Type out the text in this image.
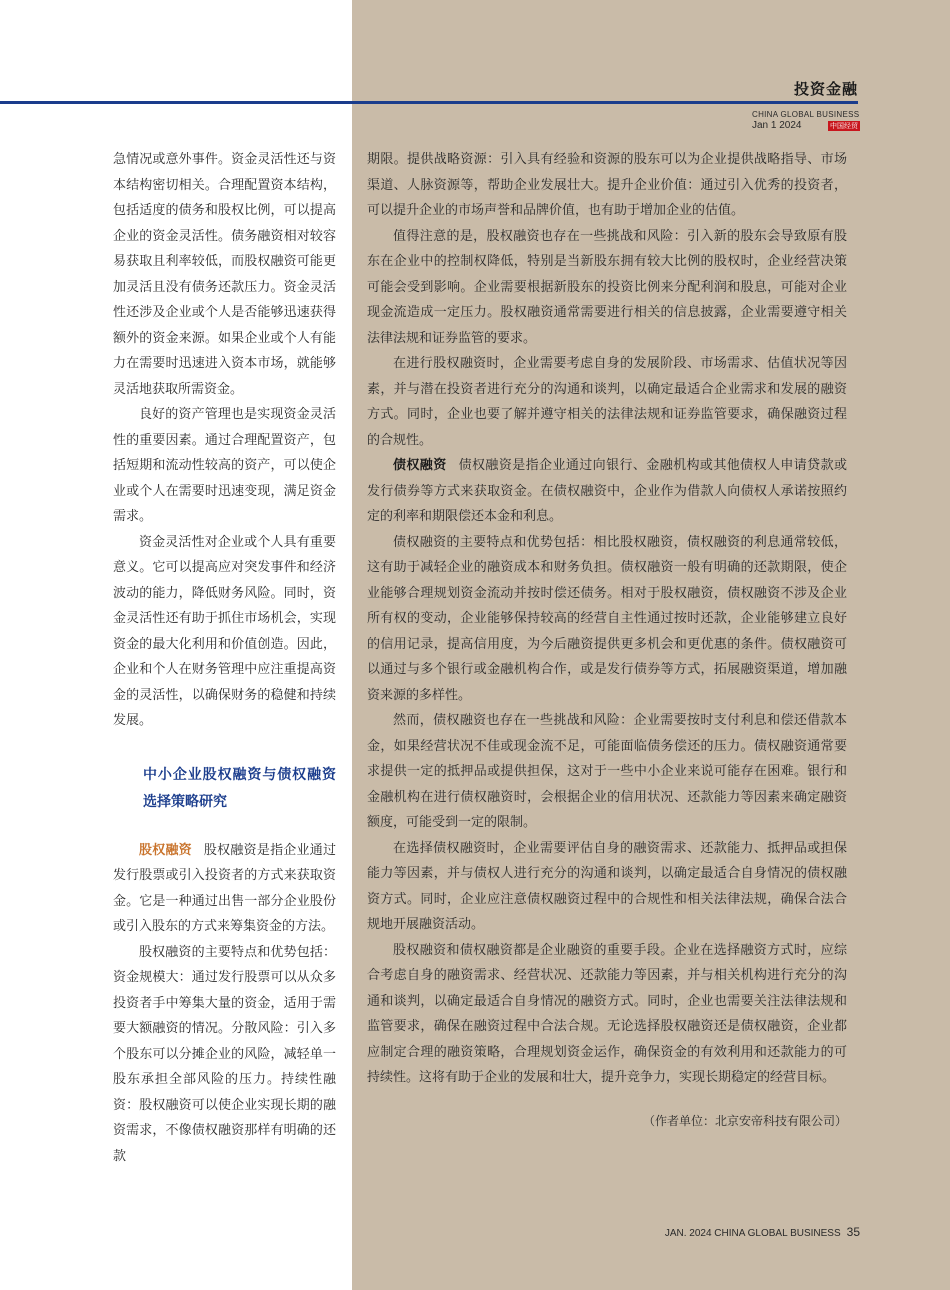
投资金融
CHINA GLOBAL BUSINESS
Jan 1 2024	中国经贸

急情况或意外事件。资金灵活性还与资本结构密切相关。合理配置资本结构，包括适度的债务和股权比例，可以提高企业的资金灵活性。债务融资相对较容易获取且利率较低，而股权融资可能更加灵活且没有债务还款压力。资金灵活性还涉及企业或个人是否能够迅速获得额外的资金来源。如果企业或个人有能力在需要时迅速进入资本市场，就能够灵活地获取所需资金。

良好的资产管理也是实现资金灵活性的重要因素。通过合理配置资产，包括短期和流动性较高的资产，可以使企业或个人在需要时迅速变现，满足资金需求。

资金灵活性对企业或个人具有重要意义。它可以提高应对突发事件和经济波动的能力，降低财务风险。同时，资金灵活性还有助于抓住市场机会，实现资金的最大化利用和价值创造。因此，企业和个人在财务管理中应注重提高资金的灵活性，以确保财务的稳健和持续发展。

中小企业股权融资与债权融资选择策略研究

股权融资 股权融资是指企业通过发行股票或引入投资者的方式来获取资金。它是一种通过出售一部分企业股份或引入股东的方式来筹集资金的方法。

股权融资的主要特点和优势包括：资金规模大：通过发行股票可以从众多投资者手中筹集大量的资金，适用于需要大额融资的情况。分散风险：引入多个股东可以分摊企业的风险，减轻单一股东承担全部风险的压力。持续性融资：股权融资可以使企业实现长期的融资需求，不像债权融资那样有明确的还款

期限。提供战略资源：引入具有经验和资源的股东可以为企业提供战略指导、市场渠道、人脉资源等，帮助企业发展壮大。提升企业价值：通过引入优秀的投资者，可以提升企业的市场声誉和品牌价值，也有助于增加企业的估值。

值得注意的是，股权融资也存在一些挑战和风险：引入新的股东会导致原有股东在企业中的控制权降低，特别是当新股东拥有较大比例的股权时，企业经营决策可能会受到影响。企业需要根据新股东的投资比例来分配利润和股息，可能对企业现金流造成一定压力。股权融资通常需要进行相关的信息披露，企业需要遵守相关法律法规和证券监管的要求。

在进行股权融资时，企业需要考虑自身的发展阶段、市场需求、估值状况等因素，并与潜在投资者进行充分的沟通和谈判，以确定最适合企业需求和发展的融资方式。同时，企业也要了解并遵守相关的法律法规和证券监管要求，确保融资过程的合规性。

债权融资 债权融资是指企业通过向银行、金融机构或其他债权人申请贷款或发行债券等方式来获取资金。在债权融资中，企业作为借款人向债权人承诺按照约定的利率和期限偿还本金和利息。

债权融资的主要特点和优势包括：相比股权融资，债权融资的利息通常较低，这有助于减轻企业的融资成本和财务负担。债权融资一般有明确的还款期限，使企业能够合理规划资金流动并按时偿还债务。相对于股权融资，债权融资不涉及企业所有权的变动，企业能够保持较高的经营自主性通过按时还款，企业能够建立良好的信用记录，提高信用度，为今后融资提供更多机会和更优惠的条件。债权融资可以通过与多个银行或金融机构合作，或是发行债券等方式，拓展融资渠道，增加融资来源的多样性。

然而，债权融资也存在一些挑战和风险：企业需要按时支付利息和偿还借款本金，如果经营状况不佳或现金流不足，可能面临债务偿还的压力。债权融资通常要求提供一定的抵押品或提供担保，这对于一些中小企业来说可能存在困难。银行和金融机构在进行债权融资时，会根据企业的信用状况、还款能力等因素来确定融资额度，可能受到一定的限制。

在选择债权融资时，企业需要评估自身的融资需求、还款能力、抵押品或担保能力等因素，并与债权人进行充分的沟通和谈判，以确定最适合自身情况的债权融资方式。同时，企业应注意债权融资过程中的合规性和相关法律法规，确保合法合规地开展融资活动。

股权融资和债权融资都是企业融资的重要手段。企业在选择融资方式时，应综合考虑自身的融资需求、经营状况、还款能力等因素，并与相关机构进行充分的沟通和谈判，以确定最适合自身情况的融资方式。同时，企业也需要关注法律法规和监管要求，确保在融资过程中合法合规。无论选择股权融资还是债权融资，企业都应制定合理的融资策略，合理规划资金运作，确保资金的有效利用和还款能力的可持续性。这将有助于企业的发展和壮大，提升竞争力，实现长期稳定的经营目标。

（作者单位：北京安帝科技有限公司）

JAN. 2024 CHINA GLOBAL BUSINESS 35
